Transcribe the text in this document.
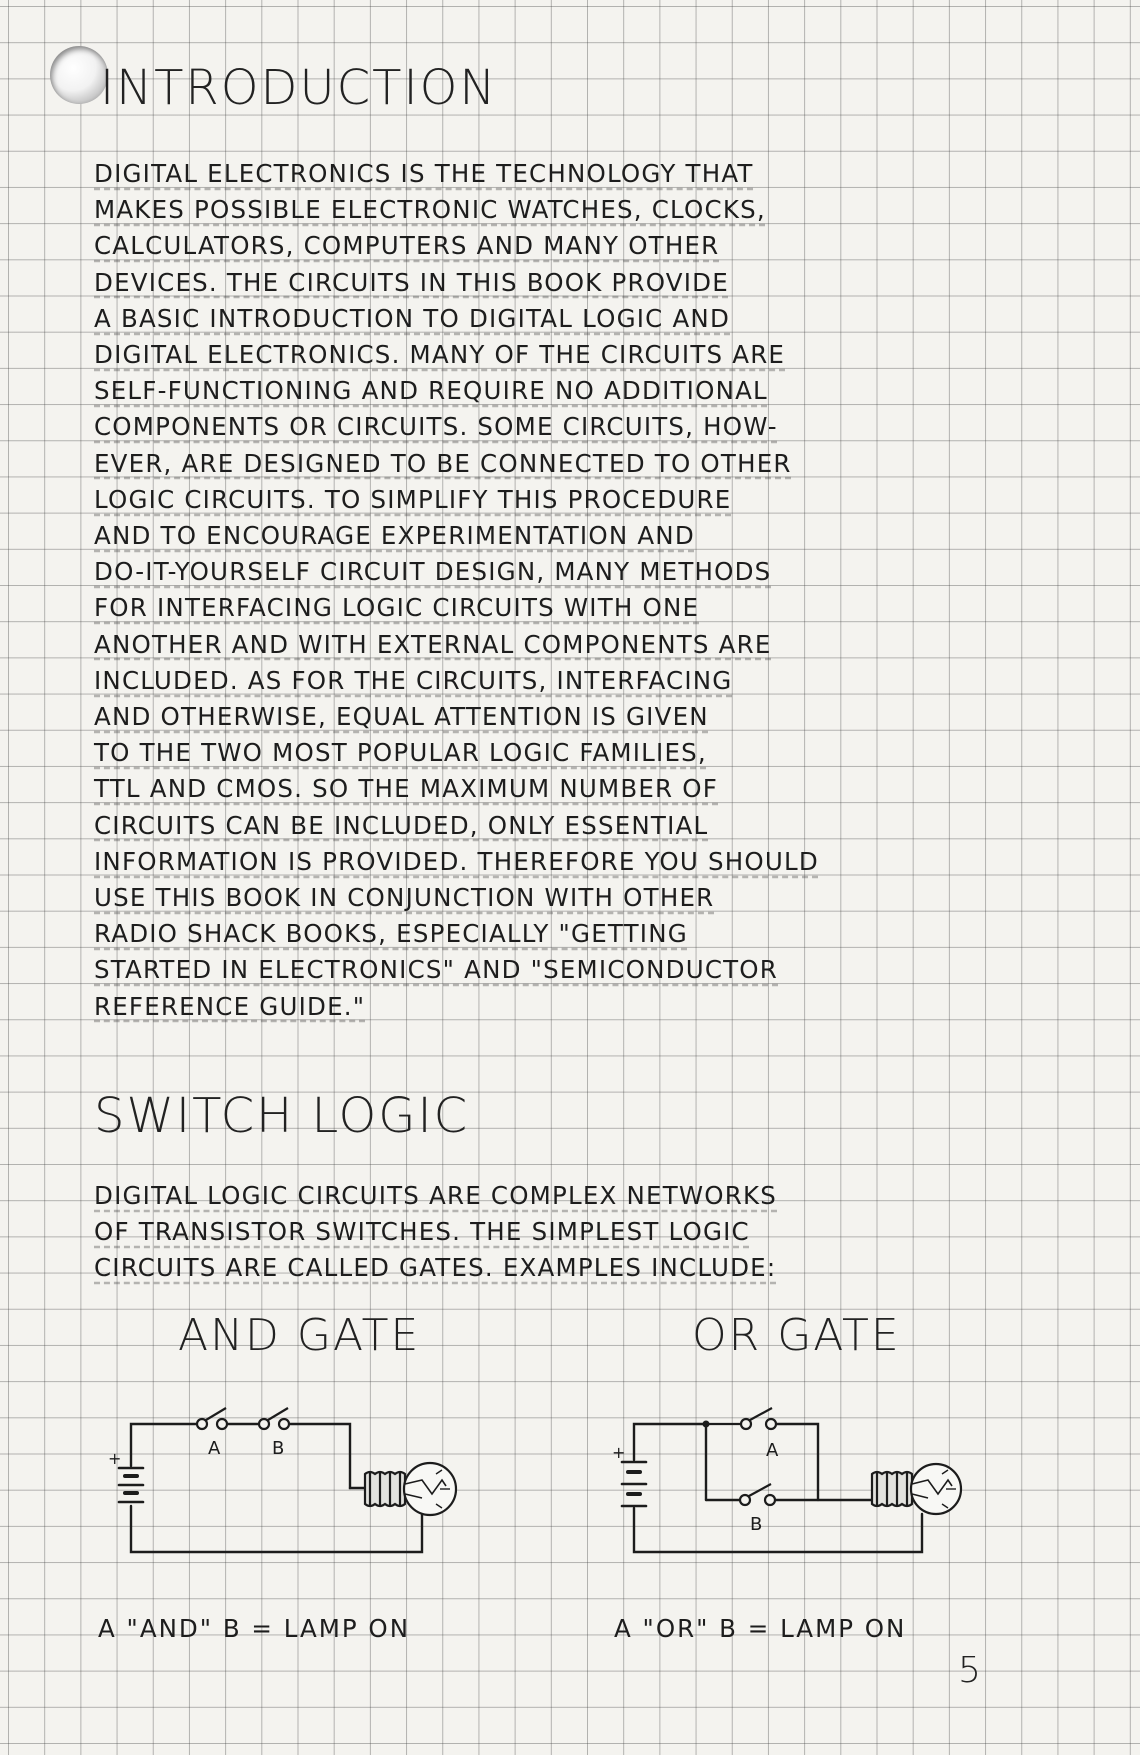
INTRODUCTION
DIGITAL ELECTRONICS IS THE TECHNOLOGY THAT
MAKES POSSIBLE ELECTRONIC WATCHES, CLOCKS,
CALCULATORS, COMPUTERS AND MANY OTHER
DEVICES. THE CIRCUITS IN THIS BOOK PROVIDE
A BASIC INTRODUCTION TO DIGITAL LOGIC AND
DIGITAL ELECTRONICS. MANY OF THE CIRCUITS ARE
SELF-FUNCTIONING AND REQUIRE NO ADDITIONAL
COMPONENTS OR CIRCUITS. SOME CIRCUITS, HOW-
EVER, ARE DESIGNED TO BE CONNECTED TO OTHER
LOGIC CIRCUITS. TO SIMPLIFY THIS PROCEDURE
AND TO ENCOURAGE EXPERIMENTATION AND
DO-IT-YOURSELF CIRCUIT DESIGN, MANY METHODS
FOR INTERFACING LOGIC CIRCUITS WITH ONE
ANOTHER AND WITH EXTERNAL COMPONENTS ARE
INCLUDED. AS FOR THE CIRCUITS, INTERFACING
AND OTHERWISE, EQUAL ATTENTION IS GIVEN
TO THE TWO MOST POPULAR LOGIC FAMILIES,
TTL AND CMOS. SO THE MAXIMUM NUMBER OF
CIRCUITS CAN BE INCLUDED, ONLY ESSENTIAL
INFORMATION IS PROVIDED. THEREFORE YOU SHOULD
USE THIS BOOK IN CONJUNCTION WITH OTHER
RADIO SHACK BOOKS, ESPECIALLY "GETTING
STARTED IN ELECTRONICS" AND "SEMICONDUCTOR
REFERENCE GUIDE."
SWITCH LOGIC
DIGITAL LOGIC CIRCUITS ARE COMPLEX NETWORKS
OF TRANSISTOR SWITCHES. THE SIMPLEST LOGIC
CIRCUITS ARE CALLED GATES. EXAMPLES INCLUDE:
AND GATE	OR GATE
+	A	B	+	A
B
A "AND" B = LAMP ON	A "OR" B = LAMP ON
5
